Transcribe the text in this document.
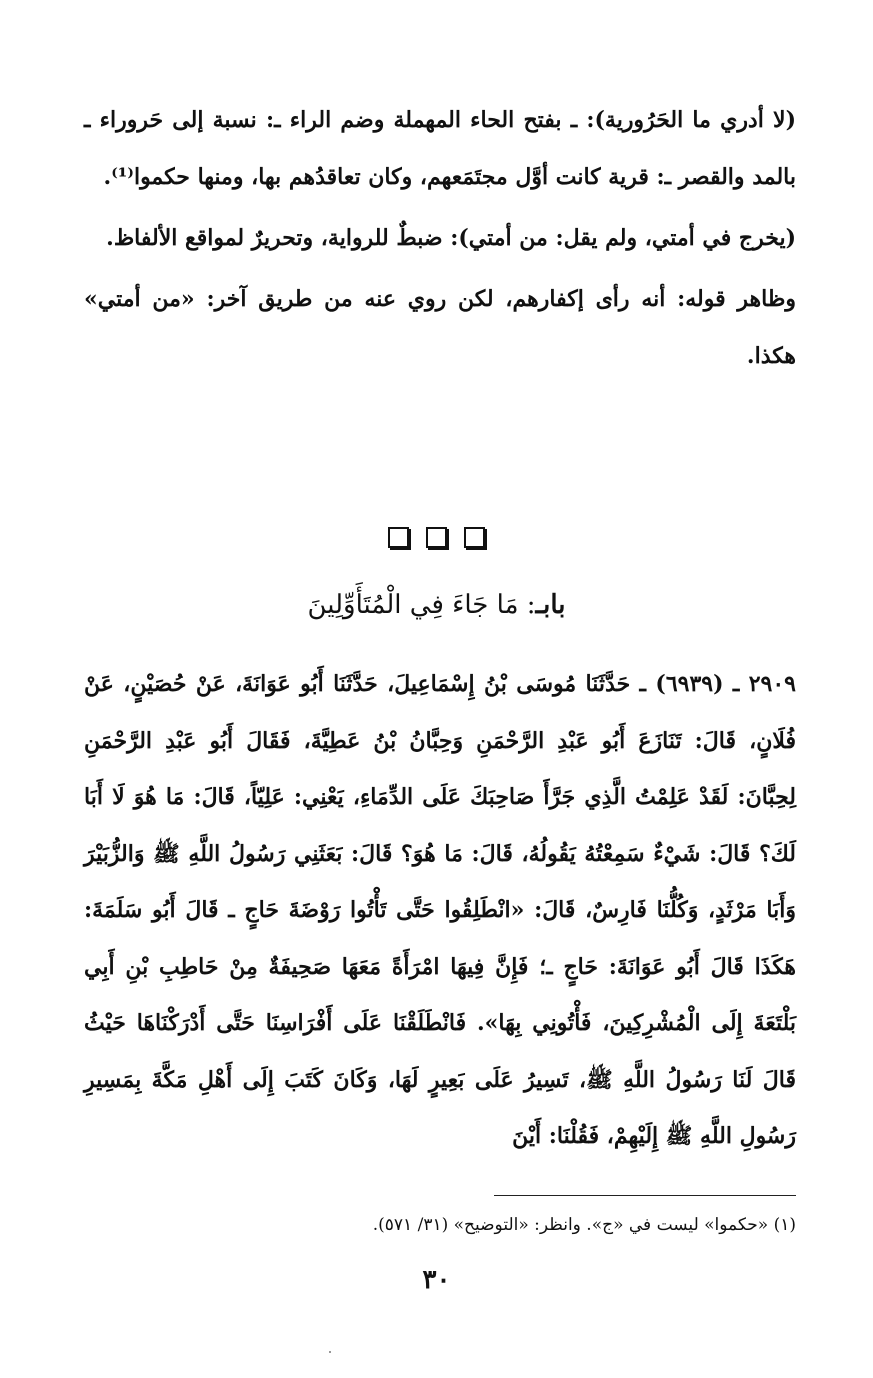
(لا أدري ما الحَرُورية): ـ بفتح الحاء المهملة وضم الراء ـ: نسبة إلى حَروراء ـ بالمد والقصر ـ: قرية كانت أوَّل مجتَمَعهم، وكان تعاقدُهم بها، ومنها حكموا⁽¹⁾.

(يخرج في أمتي، ولم يقل: من أمتي): ضبطٌ للرواية، وتحريرٌ لمواقع الألفاظ.

وظاهر قوله: أنه رأى إكفارهم، لكن روي عنه من طريق آخر: «من أمتي» هكذا.

بابـ: مَا جَاءَ فِي الْمُتَأَوِّلِينَ

٢٩٠٩ ـ (٦٩٣٩) ـ حَدَّثَنَا مُوسَى بْنُ إِسْمَاعِيلَ، حَدَّثَنَا أَبُو عَوَانَةَ، عَنْ حُصَيْنٍ، عَنْ فُلَانٍ، قَالَ: تَنَازَعَ أَبُو عَبْدِ الرَّحْمَنِ وَحِبَّانُ بْنُ عَطِيَّةَ، فَقَالَ أَبُو عَبْدِ الرَّحْمَنِ لِحِبَّانَ: لَقَدْ عَلِمْتُ الَّذِي جَرَّأَ صَاحِبَكَ عَلَى الدِّمَاءِ، يَعْنِي: عَلِيّاً، قَالَ: مَا هُوَ لَا أَبَا لَكَ؟ قَالَ: شَيْءٌ سَمِعْتُهُ يَقُولُهُ، قَالَ: مَا هُوَ؟ قَالَ: بَعَثَنِي رَسُولُ اللَّهِ ﷺ وَالزُّبَيْرَ وَأَبَا مَرْثَدٍ، وَكُلُّنَا فَارِسٌ، قَالَ: «انْطَلِقُوا حَتَّى تَأْتُوا رَوْضَةَ حَاجٍ ـ قَالَ أَبُو سَلَمَةَ: هَكَذَا قَالَ أَبُو عَوَانَةَ: حَاجٍ ـ؛ فَإِنَّ فِيهَا امْرَأَةً مَعَهَا صَحِيفَةٌ مِنْ حَاطِبِ بْنِ أَبِي بَلْتَعَةَ إِلَى الْمُشْرِكِينَ، فَأْتُونِي بِهَا». فَانْطَلَقْنَا عَلَى أَفْرَاسِنَا حَتَّى أَدْرَكْنَاهَا حَيْثُ قَالَ لَنَا رَسُولُ اللَّهِ ﷺ، تَسِيرُ عَلَى بَعِيرٍ لَهَا، وَكَانَ كَتَبَ إِلَى أَهْلِ مَكَّةَ بِمَسِيرِ رَسُولِ اللَّهِ ﷺ إِلَيْهِمْ، فَقُلْنَا: أَيْنَ

(١) «حكموا» ليست في «ج». وانظر: «التوضيح» (٣١/ ٥٧١).

٣٠
